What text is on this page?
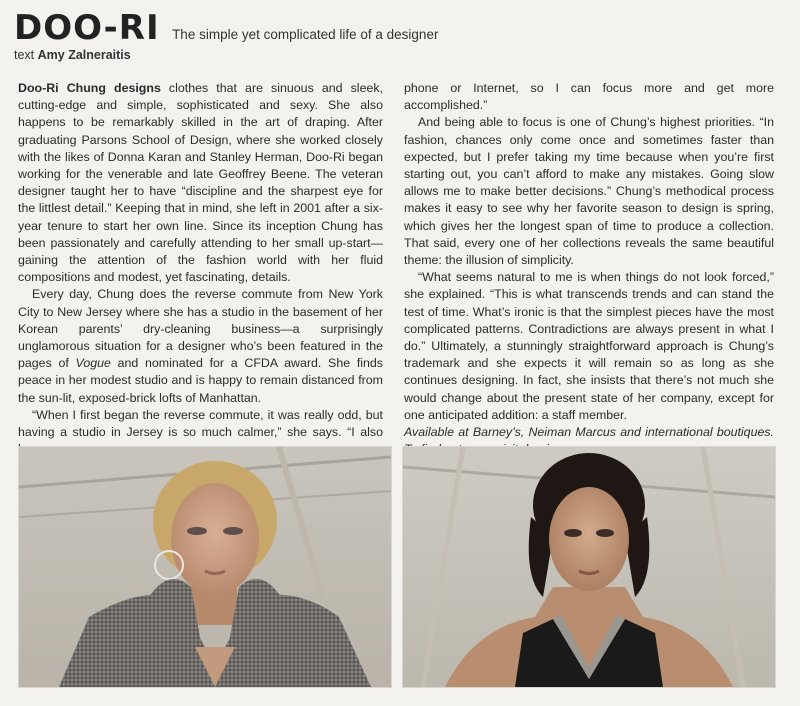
DOO-RI The simple yet complicated life of a designer
text Amy Zalneraitis

Doo-Ri Chung designs clothes that are sinuous and sleek, cutting-edge and simple, sophisticated and sexy. She also happens to be remarkably skilled in the art of draping. After graduating Parsons School of Design, where she worked closely with the likes of Donna Karan and Stanley Herman, Doo-Ri began working for the venerable and late Geoffrey Beene. The veteran designer taught her to have “discipline and the sharpest eye for the littlest detail.” Keeping that in mind, she left in 2001 after a six-year tenure to start her own line. Since its inception Chung has been passionately and carefully attending to her small up-start—gaining the attention of the fashion world with her fluid compositions and modest, yet fascinating, details.

Every day, Chung does the reverse commute from New York City to New Jersey where she has a studio in the basement of her Korean parents’ dry-cleaning business—a surprisingly unglamorous situation for a designer who’s been featured in the pages of Vogue and nominated for a CFDA award. She finds peace in her modest studio and is happy to remain distanced from the sun-lit, exposed-brick lofts of Manhattan.

“When I first began the reverse commute, it was really odd, but having a studio in Jersey is so much calmer,” she says. “I also

phone or Internet, so I can focus more and get more accomplished.”

And being able to focus is one of Chung’s highest priorities. “In fashion, chances only come once and sometimes faster than expected, but I prefer taking my time because when you’re first starting out, you can’t afford to make any mistakes. Going slow allows me to make better decisions.” Chung’s methodical process makes it easy to see why her favorite season to design is spring, which gives her the longest span of time to produce a collection. That said, every one of her collections reveals the same beautiful theme: the illusion of simplicity.

“What seems natural to me is when things do not look forced,” she explained. “This is what transcends trends and can stand the test of time. What’s ironic is that the simplest pieces have the most complicated patterns. Contradictions are always present in what I do.” Ultimately, a stunningly straightforward approach is Chung’s trademark and she expects it will remain so as long as she continues designing. In fact, she insists that there’s not much she would change about the present state of her company, except for one anticipated addition: a staff member.

Available at Barney’s, Neiman Marcus and international boutiques.
